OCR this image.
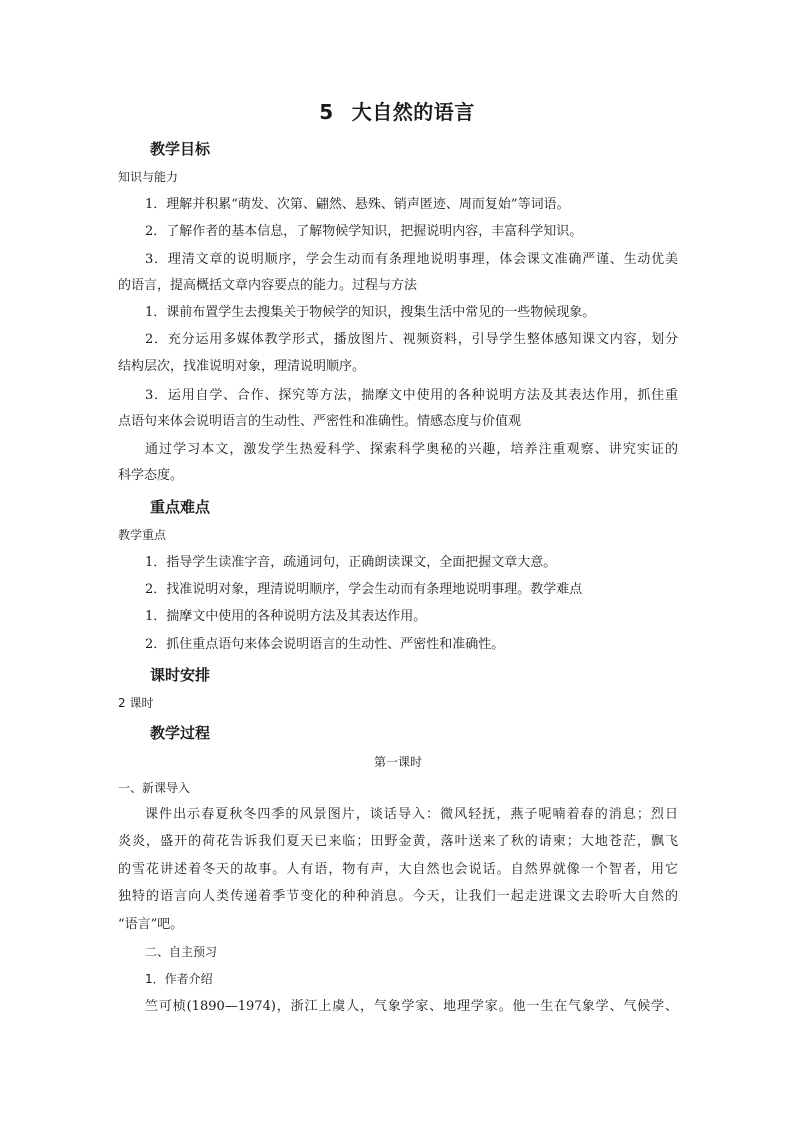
5 大自然的语言
教学目标
知识与能力
1．理解并积累“萌发、次第、翩然、悬殊、销声匿迹、周而复始”等词语。
2．了解作者的基本信息，了解物候学知识，把握说明内容，丰富科学知识。
3．理清文章的说明顺序，学会生动而有条理地说明事理，体会课文准确严谨、生动优美
的语言，提高概括文章内容要点的能力。过程与方法
1．课前布置学生去搜集关于物候学的知识，搜集生活中常见的一些物候现象。
2．充分运用多媒体教学形式，播放图片、视频资料，引导学生整体感知课文内容，划分
结构层次，找准说明对象，理清说明顺序。
3．运用自学、合作、探究等方法，揣摩文中使用的各种说明方法及其表达作用，抓住重
点语句来体会说明语言的生动性、严密性和准确性。情感态度与价值观
通过学习本文，激发学生热爱科学、探索科学奥秘的兴趣，培养注重观察、讲究实证的
科学态度。
重点难点
教学重点
1．指导学生读准字音，疏通词句，正确朗读课文，全面把握文章大意。
2．找准说明对象，理清说明顺序，学会生动而有条理地说明事理。教学难点
1．揣摩文中使用的各种说明方法及其表达作用。
2．抓住重点语句来体会说明语言的生动性、严密性和准确性。
课时安排
2 课时
教学过程
第一课时
一、新课导入
课件出示春夏秋冬四季的风景图片，谈话导入：微风轻抚，燕子呢喃着春的消息；烈日
炎炎，盛开的荷花告诉我们夏天已来临；田野金黄，落叶送来了秋的请柬；大地苍茫，飘飞
的雪花讲述着冬天的故事。人有语，物有声，大自然也会说话。自然界就像一个智者，用它
独特的语言向人类传递着季节变化的种种消息。今天，让我们一起走进课文去聆听大自然的
“语言”吧。
二、自主预习
1．作者介绍
竺可桢(1890—1974)，浙江上虞人，气象学家、地理学家。他一生在气象学、气候学、
